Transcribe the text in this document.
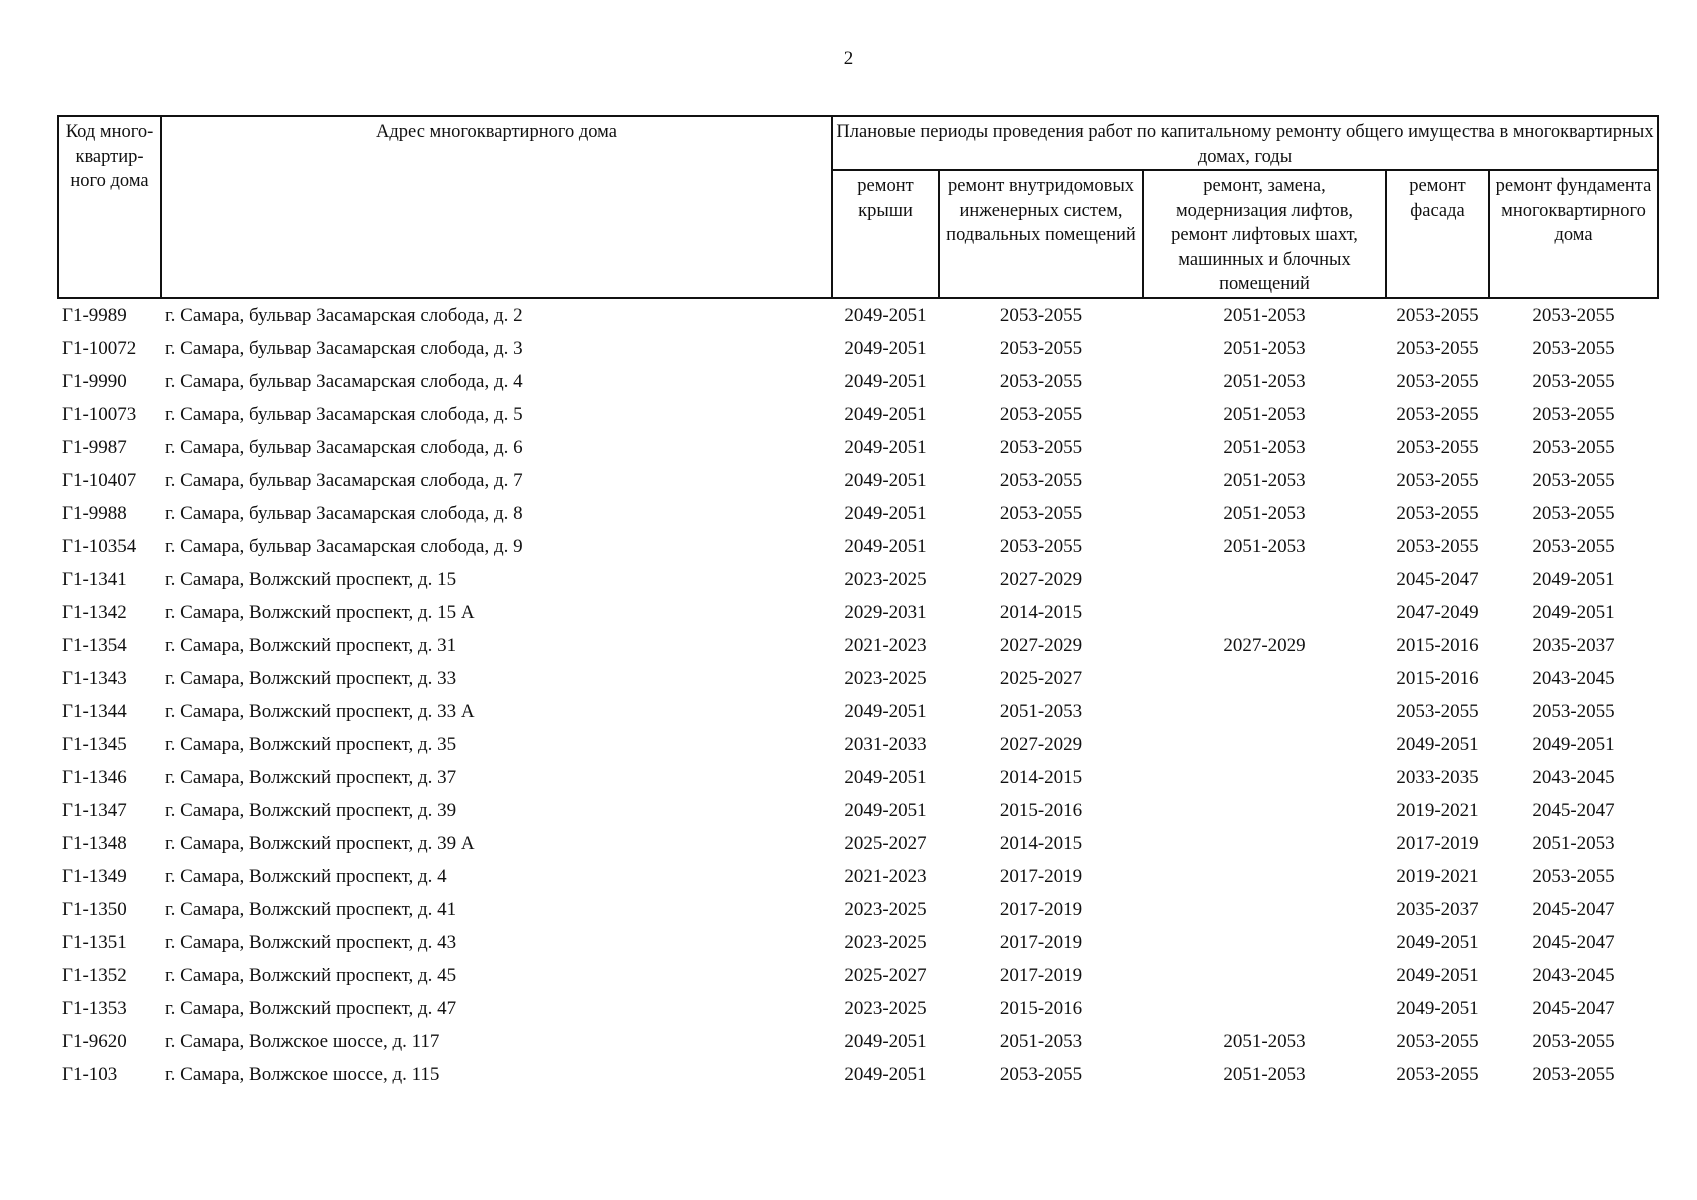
2
Код много-квартир-ного дома	Адрес многоквартирного дома	Плановые периоды проведения работ по капитальному ремонту общего имущества в многоквартирных домах, годы				
		ремонт крыши	ремонт внутридомовых инженерных систем, подвальных помещений	ремонт, замена, модернизация лифтов, ремонт лифтовых шахт, машинных и блочных помещений	ремонт фасада	ремонт фундамента многоквартирного дома
Г1-9989	г. Самара, бульвар Засамарская слобода, д. 2	2049-2051	2053-2055	2051-2053	2053-2055	2053-2055
Г1-10072	г. Самара, бульвар Засамарская слобода, д. 3	2049-2051	2053-2055	2051-2053	2053-2055	2053-2055
Г1-9990	г. Самара, бульвар Засамарская слобода, д. 4	2049-2051	2053-2055	2051-2053	2053-2055	2053-2055
Г1-10073	г. Самара, бульвар Засамарская слобода, д. 5	2049-2051	2053-2055	2051-2053	2053-2055	2053-2055
Г1-9987	г. Самара, бульвар Засамарская слобода, д. 6	2049-2051	2053-2055	2051-2053	2053-2055	2053-2055
Г1-10407	г. Самара, бульвар Засамарская слобода, д. 7	2049-2051	2053-2055	2051-2053	2053-2055	2053-2055
Г1-9988	г. Самара, бульвар Засамарская слобода, д. 8	2049-2051	2053-2055	2051-2053	2053-2055	2053-2055
Г1-10354	г. Самара, бульвар Засамарская слобода, д. 9	2049-2051	2053-2055	2051-2053	2053-2055	2053-2055
Г1-1341	г. Самара, Волжский проспект, д. 15	2023-2025	2027-2029		2045-2047	2049-2051
Г1-1342	г. Самара, Волжский проспект, д. 15 А	2029-2031	2014-2015		2047-2049	2049-2051
Г1-1354	г. Самара, Волжский проспект, д. 31	2021-2023	2027-2029	2027-2029	2015-2016	2035-2037
Г1-1343	г. Самара, Волжский проспект, д. 33	2023-2025	2025-2027		2015-2016	2043-2045
Г1-1344	г. Самара, Волжский проспект, д. 33 А	2049-2051	2051-2053		2053-2055	2053-2055
Г1-1345	г. Самара, Волжский проспект, д. 35	2031-2033	2027-2029		2049-2051	2049-2051
Г1-1346	г. Самара, Волжский проспект, д. 37	2049-2051	2014-2015		2033-2035	2043-2045
Г1-1347	г. Самара, Волжский проспект, д. 39	2049-2051	2015-2016		2019-2021	2045-2047
Г1-1348	г. Самара, Волжский проспект, д. 39 А	2025-2027	2014-2015		2017-2019	2051-2053
Г1-1349	г. Самара, Волжский проспект, д. 4	2021-2023	2017-2019		2019-2021	2053-2055
Г1-1350	г. Самара, Волжский проспект, д. 41	2023-2025	2017-2019		2035-2037	2045-2047
Г1-1351	г. Самара, Волжский проспект, д. 43	2023-2025	2017-2019		2049-2051	2045-2047
Г1-1352	г. Самара, Волжский проспект, д. 45	2025-2027	2017-2019		2049-2051	2043-2045
Г1-1353	г. Самара, Волжский проспект, д. 47	2023-2025	2015-2016		2049-2051	2045-2047
Г1-9620	г. Самара, Волжское шоссе, д. 117	2049-2051	2051-2053	2051-2053	2053-2055	2053-2055
Г1-103	г. Самара, Волжское шоссе, д. 115	2049-2051	2053-2055	2051-2053	2053-2055	2053-2055
